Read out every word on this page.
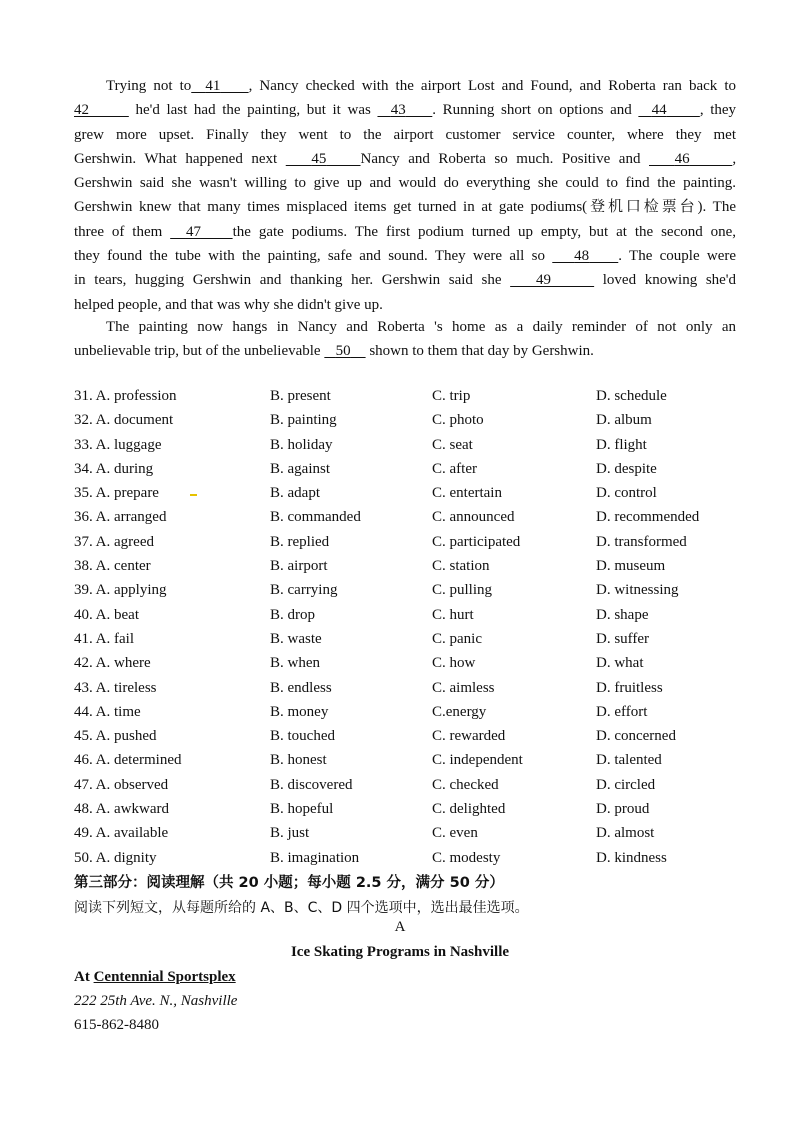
Trying not to 41 , Nancy checked with the airport Lost and Found, and Roberta ran back to
42	he'd last had the painting, but it was 43 . Running short on options and 44 , they
grew more upset. Finally they went to the airport customer service counter, where they met
Gershwin. What happened next 45 Nancy and Roberta so much. Positive and 46	,
Gershwin said she wasn't willing to give up and would do everything she could to find the painting.
Gershwin knew that many times misplaced items get turned in at gate podiums(登机口检票台). The
three of them 47 the gate podiums. The first podium turned up empty, but at the second one,
they found the tube with the painting, safe and sound. They were all so 48 . The couple were
in tears, hugging Gershwin and thanking her. Gershwin said she 49	loved knowing she'd
helped people, and that was why she didn't give up.

The painting now hangs in Nancy and Roberta 's home as a daily reminder of not only an
unbelievable trip, but of the unbelievable 50 shown to them that day by Gershwin.

31. A. profession	B. present	C. trip	D. schedule
32. A. document	B. painting	C. photo	D. album
33. A. luggage	B. holiday	C. seat	D. flight
34. A. during	B. against	C. after	D. despite
35. A. prepare	B. adapt	C. entertain	D. control
36. A. arranged	B. commanded	C. announced	D. recommended
37. A. agreed	B. replied	C. participated	D. transformed
38. A. center	B. airport	C. station	D. museum
39. A. applying	B. carrying	C. pulling	D. witnessing
40. A. beat	B. drop	C. hurt	D. shape
41. A. fail	B. waste	C. panic	D. suffer
42. A. where	B. when	C. how	D. what
43. A. tireless	B. endless	C. aimless	D. fruitless
44. A. time	B. money	C.energy	D. effort
45. A. pushed	B. touched	C. rewarded	D. concerned
46. A. determined	B. honest	C. independent	D. talented
47. A. observed	B. discovered	C. checked	D. circled
48. A. awkward	B. hopeful	C. delighted	D. proud
49. A. available	B. just	C. even	D. almost
50. A. dignity	B. imagination	C. modesty	D. kindness
第三部分：阅读理解（共 20 小题；每小题 2.5 分，满分 50 分）
阅读下列短文，从每题所给的 A、B、C、D 四个选项中，选出最佳选项。
A
Ice Skating Programs in Nashville
At Centennial Sportsplex
222 25th Ave. N., Nashville
615-862-8480
